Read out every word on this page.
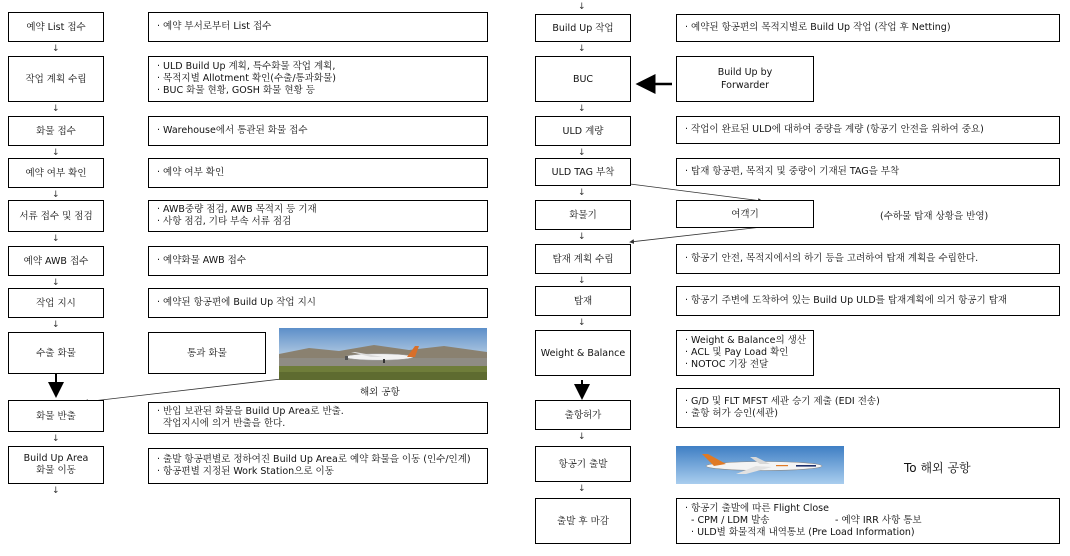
예약 List 접수
↓
작업 계획 수립
↓
화물 접수
↓
예약 여부 확인
↓
서류 접수 및 점검
↓
예약 AWB 접수
↓
작업 지시
↓
수출 화물
화물 반출
↓
Build Up Area
화물 이동
↓
· 예약 부서로부터 List 접수
· ULD Build Up 계획, 특수화물 작업 계획,
· 목적지별 Allotment 확인(수출/통과화물)
· BUC 화물 현황, GOSH 화물 현황 등
· Warehouse에서 통관된 화물 접수
· 예약 여부 확인
· AWB중량 점검, AWB 목적지 등 기재
· 사항 점검, 기타 부속 서류 점검
· 예약화물 AWB 접수
· 예약된 항공편에 Build Up 작업 지시
통과 화물
해외 공항
· 반입 보관된 화물을 Build Up Area로 반출.
작업지시에 의거 반출을 한다.
· 출발 항공편별로 정하여진 Build Up Area로 예약 화물을 이동 (인수/인계)
· 항공편별 지정된 Work Station으로 이동
↓
Build Up 작업
↓
BUC
↓
ULD 계량
↓
ULD TAG 부착
↓
화물기
↓
탑재 계획 수립
↓
탑재
↓
Weight & Balance
출항허가
↓
항공기 출발
↓
출발 후 마감
· 예약된 항공편의 목적지별로 Build Up 작업 (작업 후 Netting)
Build Up by
Forwarder
· 작업이 완료된 ULD에 대하여 중량을 계량 (항공기 안전을 위하여 중요)
· 탑재 항공편, 목적지 및 중량이 기재된 TAG을 부착
여객기	(수하물 탑재 상황을 반영)
· 항공기 안전, 목적지에서의 하기 등을 고려하여 탑재 계획을 수립한다.
· 항공기 주변에 도착하여 있는 Build Up ULD를 탑재계획에 의거 항공기 탑재
· Weight & Balance의 생산
· ACL 및 Pay Load 확인
· NOTOC 기장 전달
· G/D 및 FLT MFST 세관 승기 제출 (EDI 전송)
· 출항 허가 승인(세관)
To 해외 공항
· 항공기 출발에 따른 Flight Close
- CPM / LDM 발송	- 예약 IRR 사항 통보
· ULD별 화물적재 내역통보 (Pre Load Information)
